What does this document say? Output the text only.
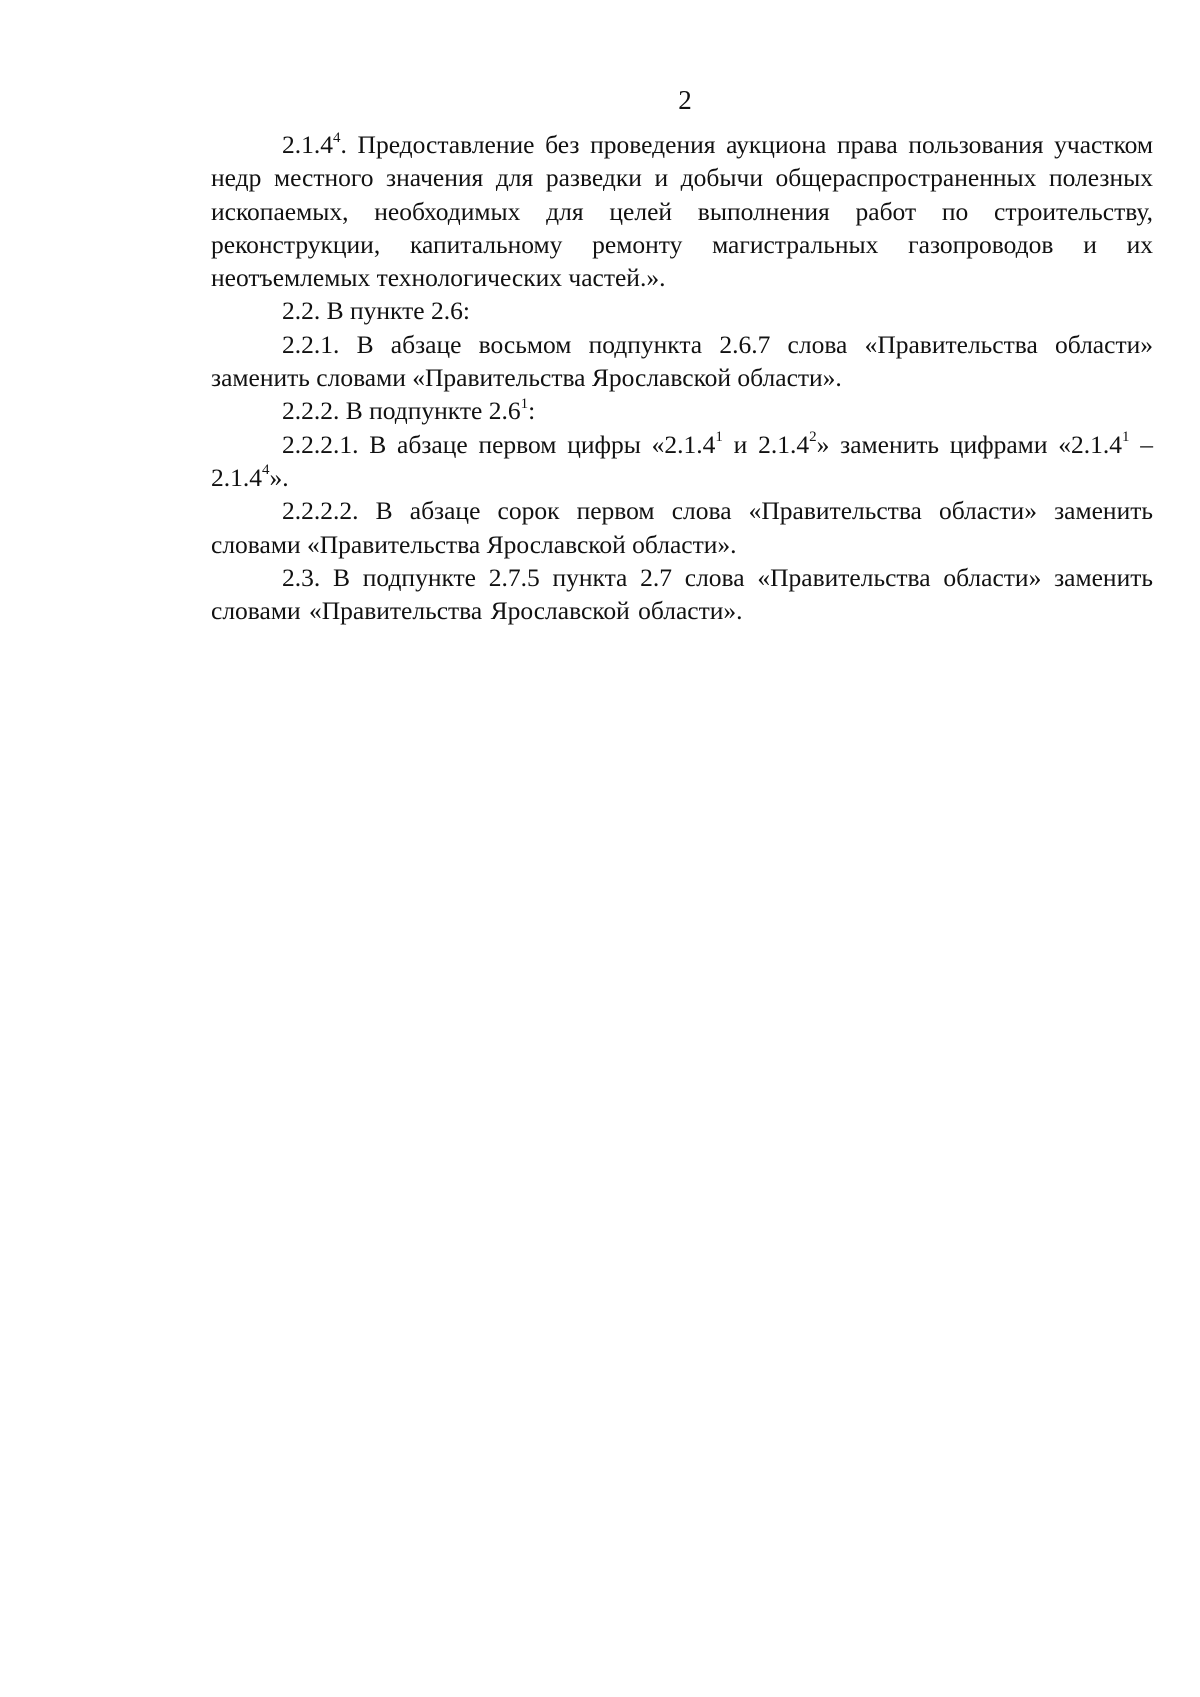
2

2.1.4$^4$. Предоставление без проведения аукциона права пользования участком недр местного значения для разведки и добычи общераспространенных полезных ископаемых, необходимых для целей выполнения работ по строительству, реконструкции, капитальному ремонту магистральных газопроводов и их неотъемлемых технологических частей.».

2.2. В пункте 2.6:

2.2.1. В абзаце восьмом подпункта 2.6.7 слова «Правительства области» заменить словами «Правительства Ярославской области».

2.2.2. В подпункте $2.6^1$:

2.2.2.1. В абзаце первом цифры «2.1.4$^1$ и 2.1.4$^2$» заменить цифрами «2.1.4$^1$ – 2.1.4$^4$».

2.2.2.2. В абзаце сорок первом слова «Правительства области» заменить словами «Правительства Ярославской области».

2.3. В подпункте 2.7.5 пункта 2.7 слова «Правительства области» заменить словами «Правительства Ярославской области».
